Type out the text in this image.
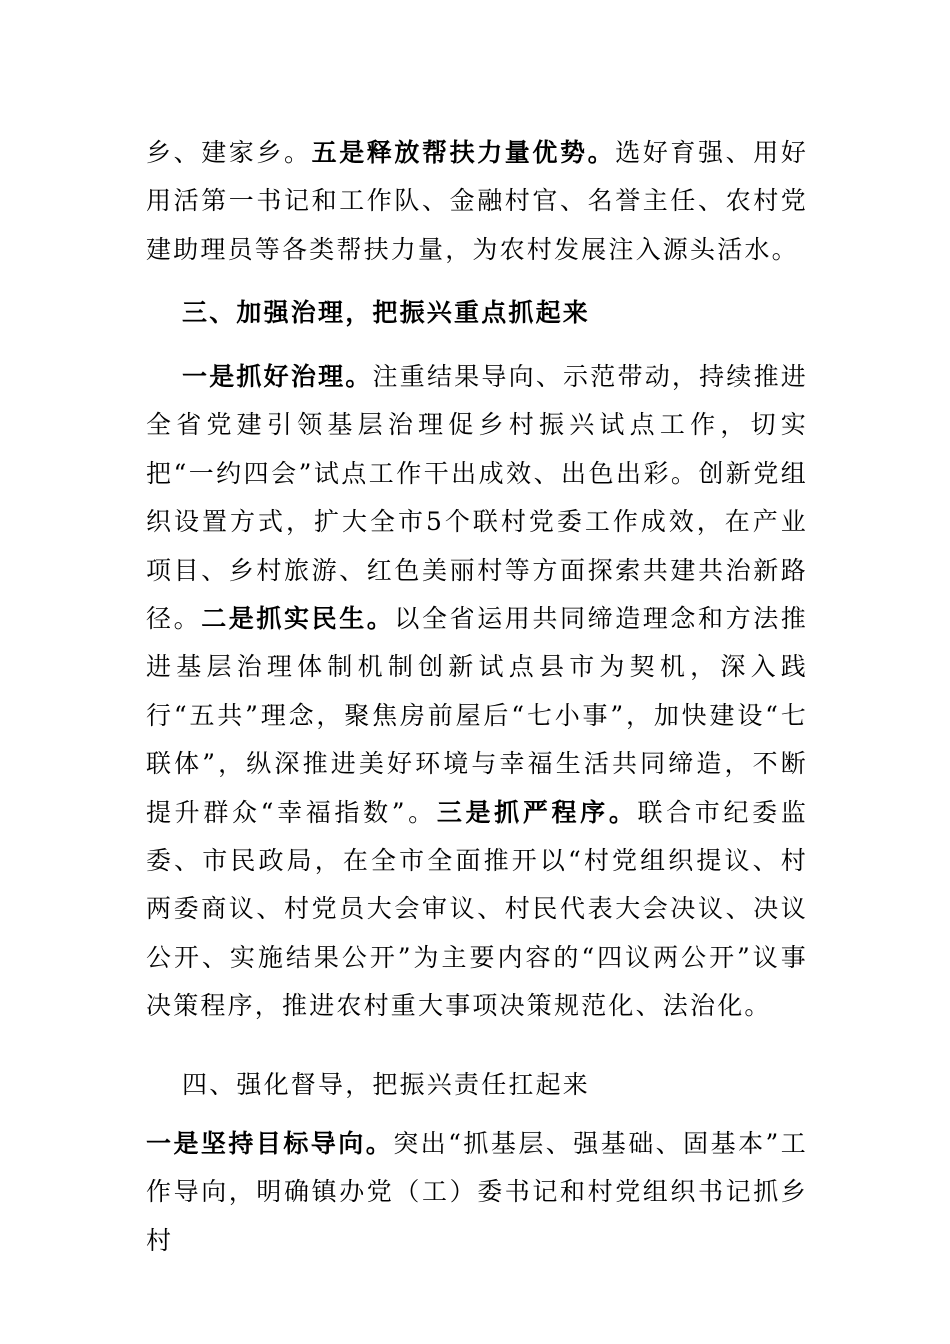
乡、建家乡。五是释放帮扶力量优势。选好育强、用好用活第一书记和工作队、金融村官、名誉主任、农村党建助理员等各类帮扶力量，为农村发展注入源头活水。

三、加强治理，把振兴重点抓起来

一是抓好治理。注重结果导向、示范带动，持续推进全省党建引领基层治理促乡村振兴试点工作，切实把“一约四会”试点工作干出成效、出色出彩。创新党组织设置方式，扩大全市5个联村党委工作成效，在产业项目、乡村旅游、红色美丽村等方面探索共建共治新路径。二是抓实民生。以全省运用共同缔造理念和方法推进基层治理体制机制创新试点县市为契机，深入践行“五共”理念，聚焦房前屋后“七小事”，加快建设“七联体”，纵深推进美好环境与幸福生活共同缔造，不断提升群众“幸福指数”。三是抓严程序。联合市纪委监委、市民政局，在全市全面推开以“村党组织提议、村两委商议、村党员大会审议、村民代表大会决议、决议公开、实施结果公开”为主要内容的“四议两公开”议事决策程序，推进农村重大事项决策规范化、法治化。

四、强化督导，把振兴责任扛起来

一是坚持目标导向。突出“抓基层、强基础、固基本”工作导向，明确镇办党（工）委书记和村党组织书记抓乡村
